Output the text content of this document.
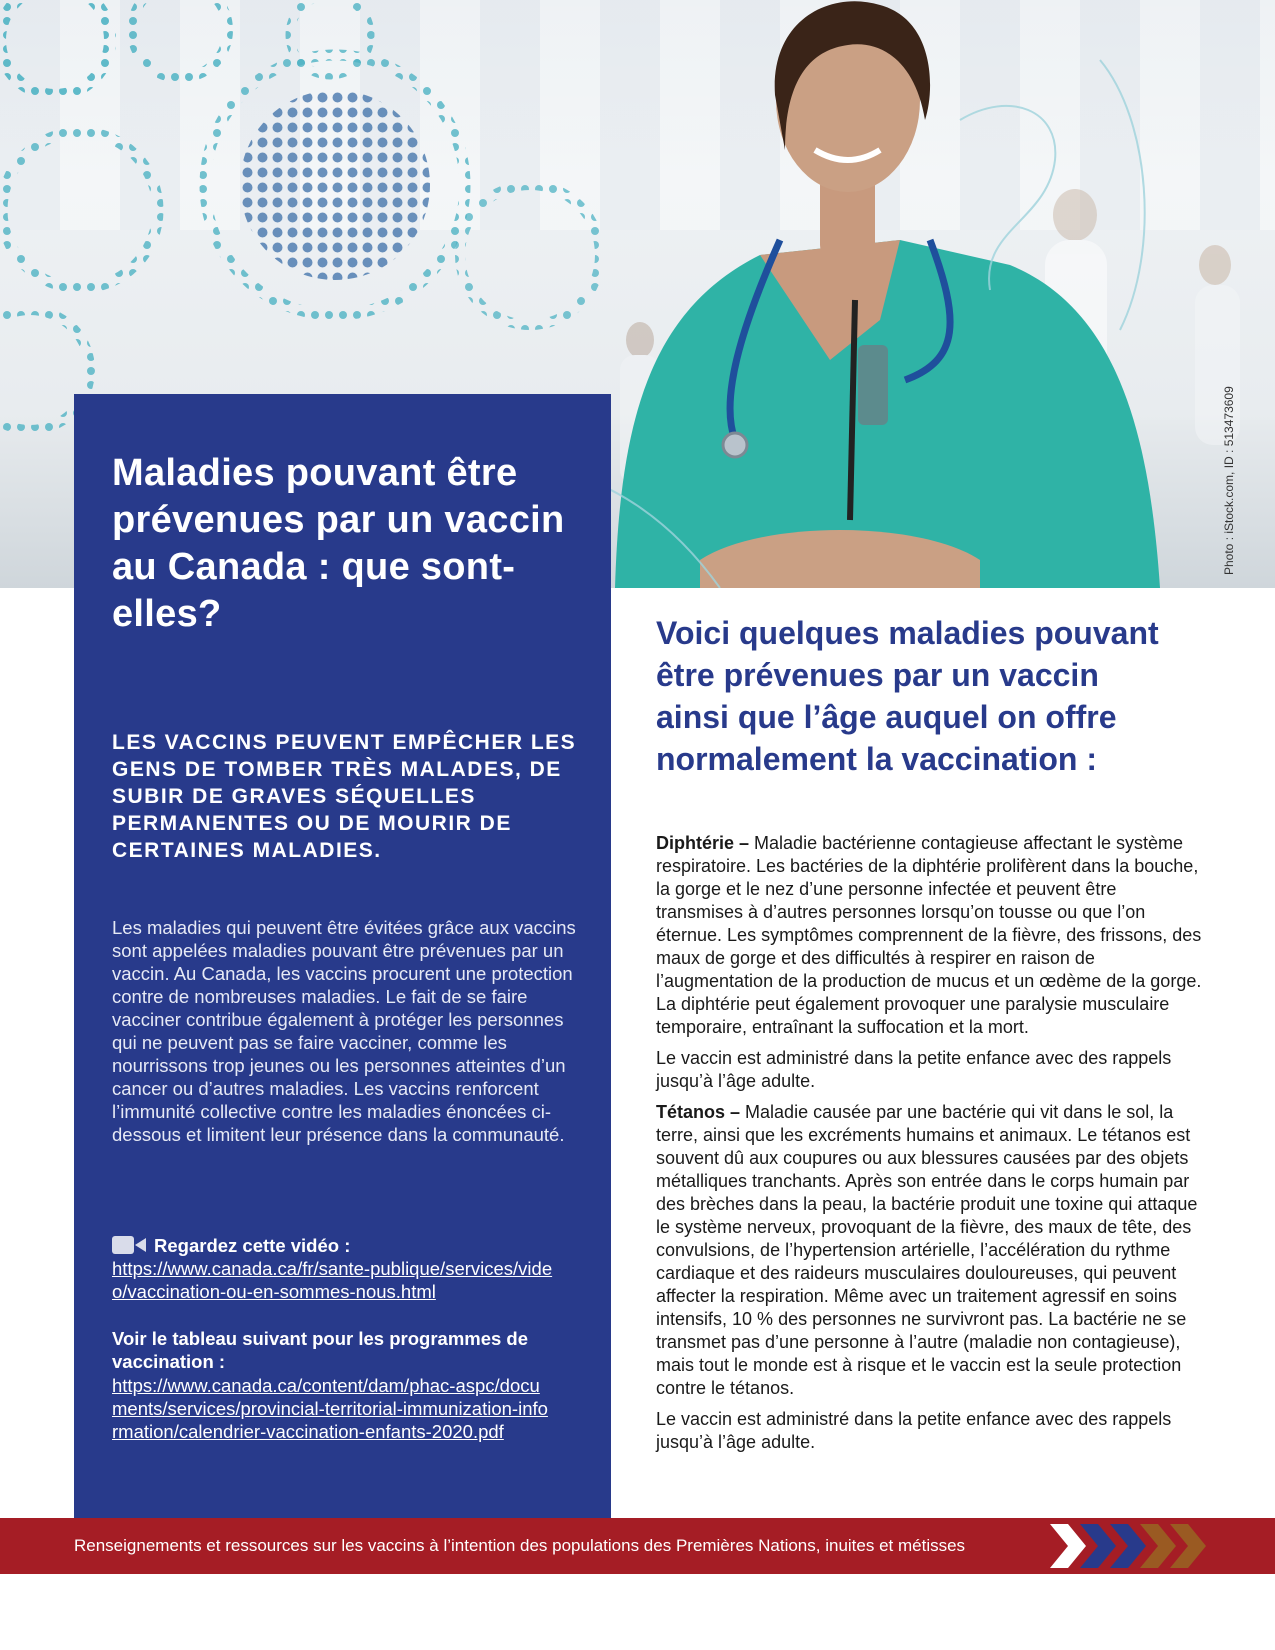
Photo : iStock.com, ID : 513473609
Maladies pouvant être prévenues par un vaccin au Canada : que sont-elles?
LES VACCINS PEUVENT EMPÊCHER LES GENS DE TOMBER TRÈS MALADES, DE SUBIR DE GRAVES SÉQUELLES PERMANENTES OU DE MOURIR DE CERTAINES MALADIES.

Les maladies qui peuvent être évitées grâce aux vaccins sont appelées maladies pouvant être prévenues par un vaccin. Au Canada, les vaccins procurent une protection contre de nombreuses maladies. Le fait de se faire vacciner contribue également à protéger les personnes qui ne peuvent pas se faire vacciner, comme les nourrissons trop jeunes ou les personnes atteintes d’un cancer ou d’autres maladies. Les vaccins renforcent l’immunité collective contre les maladies énoncées ci-dessous et limitent leur présence dans la communauté.

Regardez cette vidéo :

https://www.canada.ca/fr/sante-publique/services/video/vaccination-ou-en-sommes-nous.html

Voir le tableau suivant pour les programmes de vaccination :

https://www.canada.ca/content/dam/phac-aspc/documents/services/provincial-territorial-immunization-information/calendrier-vaccination-enfants-2020.pdf
Voici quelques maladies pouvant être prévenues par un vaccin ainsi que l’âge auquel on offre normalement la vaccination :

Diphtérie – Maladie bactérienne contagieuse affectant le système respiratoire. Les bactéries de la diphtérie prolifèrent dans la bouche, la gorge et le nez d’une personne infectée et peuvent être transmises à d’autres personnes lorsqu’on tousse ou que l’on éternue. Les symptômes comprennent de la fièvre, des frissons, des maux de gorge et des difficultés à respirer en raison de l’augmentation de la production de mucus et un œdème de la gorge. La diphtérie peut également provoquer une paralysie musculaire temporaire, entraînant la suffocation et la mort.

Le vaccin est administré dans la petite enfance avec des rappels jusqu’à l’âge adulte.

Tétanos – Maladie causée par une bactérie qui vit dans le sol, la terre, ainsi que les excréments humains et animaux. Le tétanos est souvent dû aux coupures ou aux blessures causées par des objets métalliques tranchants. Après son entrée dans le corps humain par des brèches dans la peau, la bactérie produit une toxine qui attaque le système nerveux, provoquant de la fièvre, des maux de tête, des convulsions, de l’hypertension artérielle, l’accélération du rythme cardiaque et des raideurs musculaires douloureuses, qui peuvent affecter la respiration. Même avec un traitement agressif en soins intensifs, 10 % des personnes ne survivront pas. La bactérie ne se transmet pas d’une personne à l’autre (maladie non contagieuse), mais tout le monde est à risque et le vaccin est la seule protection contre le tétanos.

Le vaccin est administré dans la petite enfance avec des rappels jusqu’à l’âge adulte.

Renseignements et ressources sur les vaccins à l’intention des populations des Premières Nations, inuites et métisses
